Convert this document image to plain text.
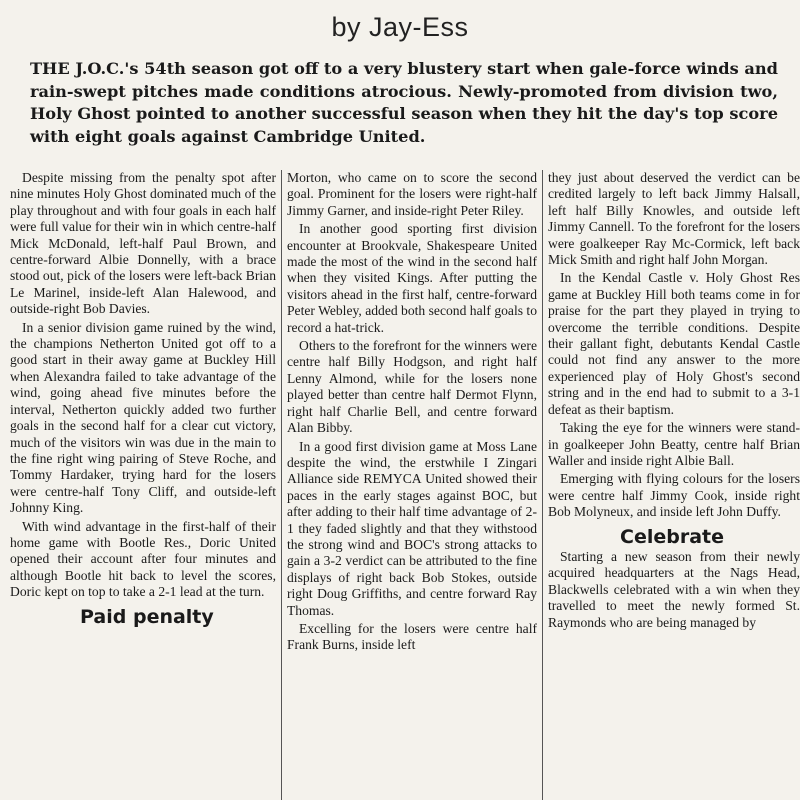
by Jay-Ess

THE J.O.C.'s 54th season got off to a very blustery start when gale-force winds and rain-swept pitches made conditions atrocious. Newly-promoted from division two, Holy Ghost pointed to another successful season when they hit the day's top score with eight goals against Cambridge United.

Despite missing from the penalty spot after nine minutes Holy Ghost dominated much of the play throughout and with four goals in each half were full value for their win in which centre-half Mick McDonald, left-half Paul Brown, and centre-forward Albie Donnelly, with a brace stood out, pick of the losers were left-back Brian Le Marinel, inside-left Alan Halewood, and outside-right Bob Davies.

In a senior division game ruined by the wind, the champions Netherton United got off to a good start in their away game at Buckley Hill when Alexandra failed to take advantage of the wind, going ahead five minutes before the interval, Netherton quickly added two further goals in the second half for a clear cut victory, much of the visitors win was due in the main to the fine right wing pairing of Steve Roche, and Tommy Hardaker, trying hard for the losers were centre-half Tony Cliff, and outside-left Johnny King.

With wind advantage in the first-half of their home game with Bootle Res., Doric United opened their account after four minutes and although Bootle hit back to level the scores, Doric kept on top to take a 2-1 lead at the turn.

Paid penalty

Morton, who came on to score the second goal. Prominent for the losers were right-half Jimmy Garner, and inside-right Peter Riley.

In another good sporting first division encounter at Brookvale, Shakespeare United made the most of the wind in the second half when they visited Kings. After putting the visitors ahead in the first half, centre-forward Peter Webley, added both second half goals to record a hat-trick.

Others to the forefront for the winners were centre half Billy Hodgson, and right half Lenny Almond, while for the losers none played better than centre half Dermot Flynn, right half Charlie Bell, and centre forward Alan Bibby.

In a good first division game at Moss Lane despite the wind, the erstwhile I Zingari Alliance side REMYCA United showed their paces in the early stages against BOC, but after adding to their half time advantage of 2-1 they faded slightly and that they withstood the strong wind and BOC's strong attacks to gain a 3-2 verdict can be attributed to the fine displays of right back Bob Stokes, outside right Doug Griffiths, and centre forward Ray Thomas.

Excelling for the losers were centre half Frank Burns, inside left

they just about deserved the verdict can be credited largely to left back Jimmy Halsall, left half Billy Knowles, and outside left Jimmy Cannell. To the forefront for the losers were goalkeeper Ray Mc-Cormick, left back Mick Smith and right half John Morgan.

In the Kendal Castle v. Holy Ghost Res game at Buckley Hill both teams come in for praise for the part they played in trying to overcome the terrible conditions. Despite their gallant fight, debutants Kendal Castle could not find any answer to the more experienced play of Holy Ghost's second string and in the end had to submit to a 3-1 defeat as their baptism.

Taking the eye for the winners were stand-in goalkeeper John Beatty, centre half Brian Waller and inside right Albie Ball.

Emerging with flying colours for the losers were centre half Jimmy Cook, inside right Bob Molyneux, and inside left John Duffy.

Celebrate

Starting a new season from their newly acquired headquarters at the Nags Head, Blackwells celebrated with a win when they travelled to meet the newly formed St. Raymonds who are being managed by
